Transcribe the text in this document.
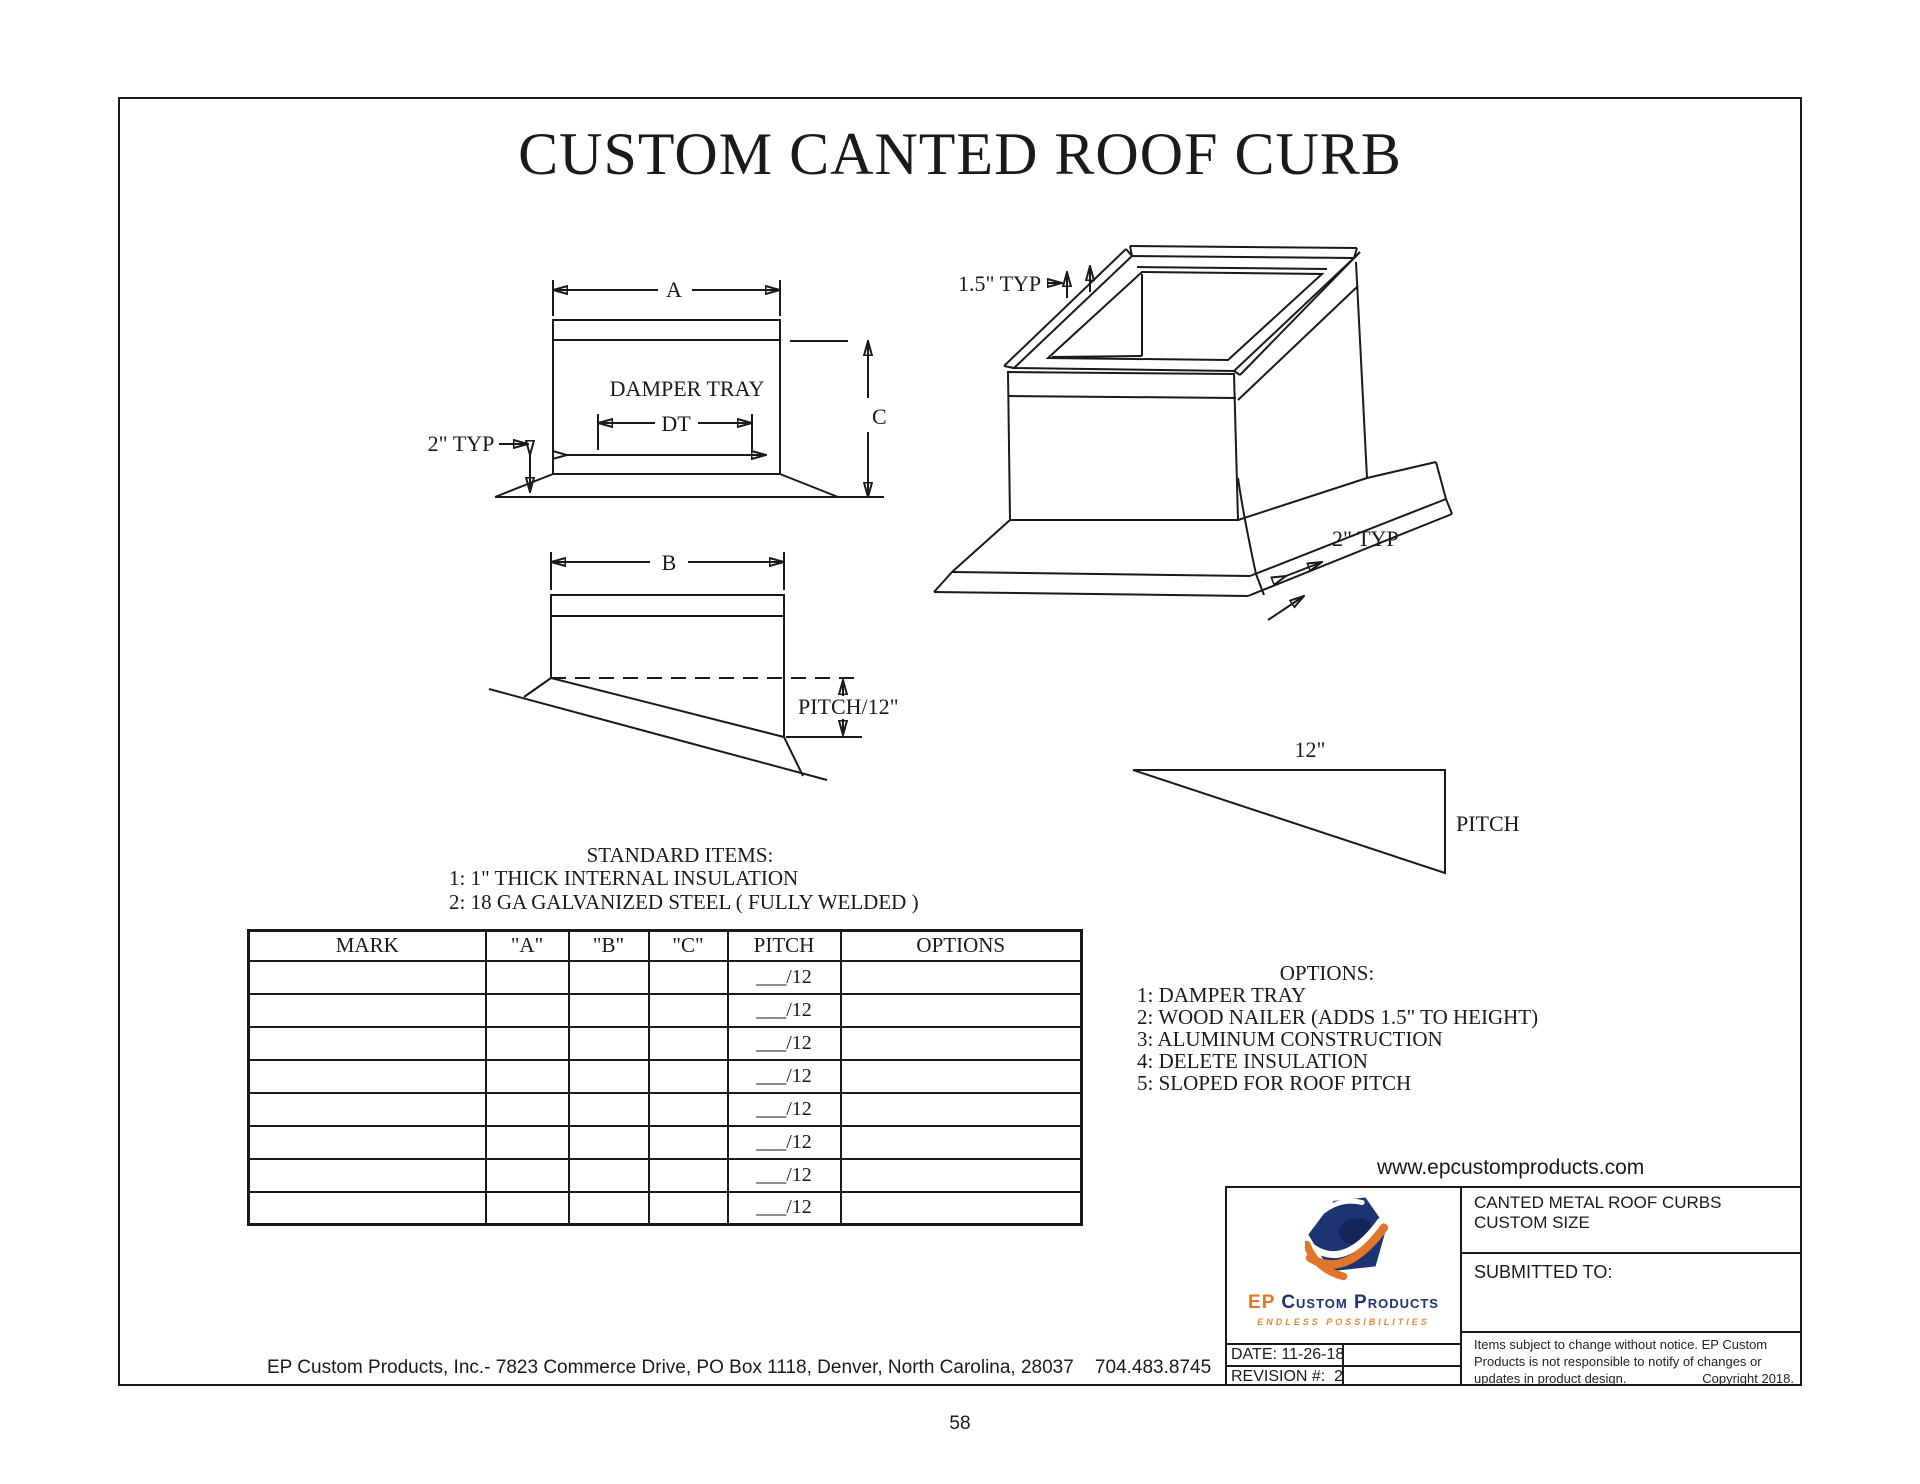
CUSTOM CANTED ROOF CURB
A
DAMPER TRAY
DT
2" TYP
C
1.5" TYP
2" TYP
B
PITCH/12"
12"
PITCH
STANDARD ITEMS:
1: 1" THICK INTERNAL INSULATION
2: 18 GA GALVANIZED STEEL ( FULLY WELDED )
MARK	"A"	"B"	"C"	PITCH	OPTIONS
				___/12	
				___/12	
				___/12	
				___/12	
				___/12	
				___/12	
				___/12	
				___/12	
OPTIONS:
1: DAMPER TRAY
2: WOOD NAILER (ADDS 1.5" TO HEIGHT)
3: ALUMINUM CONSTRUCTION
4: DELETE INSULATION
5: SLOPED FOR ROOF PITCH
www.epcustomproducts.com
EP Custom Products
ENDLESS POSSIBILITIES
DATE: 11-26-18
REVISION #:  2
CANTED METAL ROOF CURBS
CUSTOM SIZE
SUBMITTED TO:
Items subject to change without notice. EP Custom
Products is not responsible to notify of changes or
updates in product design.	Copyright 2018.
EP Custom Products, Inc.- 7823 Commerce Drive, PO Box 1118, Denver, North Carolina, 28037    704.483.8745
58
